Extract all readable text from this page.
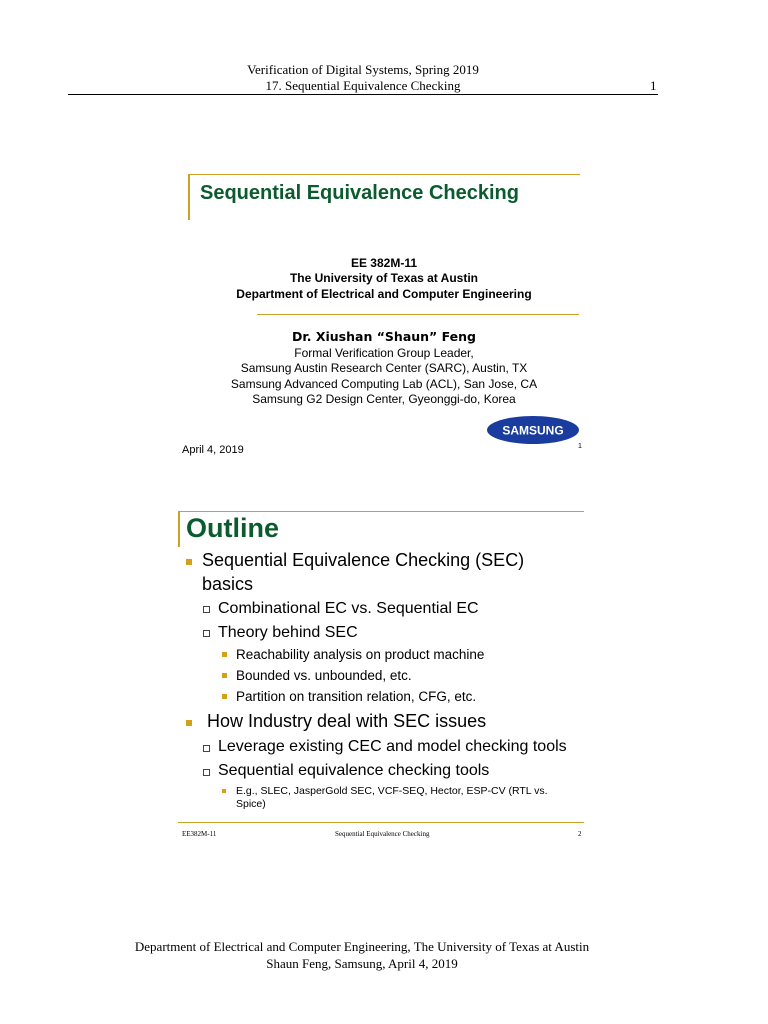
Verification of Digital Systems, Spring 2019
17. Sequential Equivalence Checking	1
Sequential Equivalence Checking
EE 382M-11
The University of Texas at Austin
Department of Electrical and Computer Engineering
Dr. Xiushan “Shaun” Feng
Formal Verification Group Leader,
Samsung Austin Research Center (SARC), Austin, TX
Samsung Advanced Computing Lab (ACL), San Jose, CA
Samsung G2 Design Center, Gyeonggi-do, Korea
SAMSUNG
April 4, 2019	1
Outline
Sequential Equivalence Checking (SEC)
basics
Combinational EC vs. Sequential EC
Theory behind SEC
Reachability analysis on product machine
Bounded vs. unbounded, etc.
Partition on transition relation, CFG, etc.
How Industry deal with SEC issues
Leverage existing CEC and model checking tools
Sequential equivalence checking tools
E.g., SLEC, JasperGold SEC, VCF-SEQ, Hector, ESP-CV (RTL vs.
Spice)
EE382M-11	Sequential Equivalence Checking	2
Department of Electrical and Computer Engineering, The University of Texas at Austin
Shaun Feng, Samsung, April 4, 2019
